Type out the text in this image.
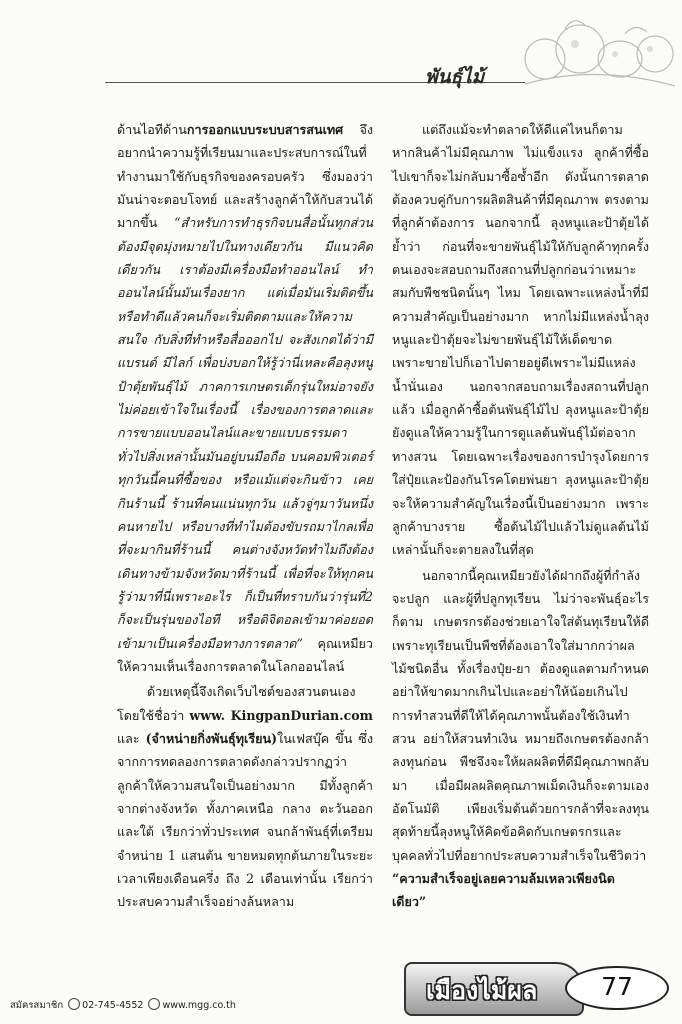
พันธุ์ไม้

ด้านไอทีด้านการออกแบบระบบสารสนเทศ จึงอยากนำความรู้ที่เรียนมาและประสบการณ์ในที่ทำงานมาใช้กับธุรกิจของครอบครัว ซึ่งมองว่ามันน่าจะตอบโจทย์ และสร้างลูกค้าให้กับสวนได้มากขึ้น “สำหรับการทำธุรกิจบนสื่อนั้นทุกส่วนต้องมีจุดมุ่งหมายไปในทางเดียวกัน มีแนวคิดเดียวกัน เราต้องมีเครื่องมือทำออนไลน์ ทำออนไลน์นั้นมันเรื่องยาก แต่เมื่อมันเริ่มติดขึ้นหรือทำดีแล้วคนก็จะเริ่มติดตามและให้ความสนใจ กับสิ่งที่ทำหรือสื่อออกไป จะสังเกตได้ว่ามีแบรนด์ มีไลก์ เพื่อบ่งบอกให้รู้ว่านี่เหละคือลุงหนูป้าตุ้ยพันธุ์ไม้ ภาคการเกษตรเด็กรุ่นใหม่อาจยังไม่ค่อยเข้าใจในเรื่องนี้ เรื่องของการตลาดและการขายแบบออนไลน์และขายแบบธรรมดาทั่วไปสิ่งเหล่านั้นมันอยู่บนมือถือ บนคอมพิวเตอร์ ทุกวันนี้คนที่ซื้อของ หรือแม้แต่จะกินข้าว เคยกินร้านนี้ ร้านที่คนแน่นทุกวัน แล้วจู่ๆมาวันหนึ่งคนหายไป หรือบางที่ทำไมต้องขับรถมาไกลเพื่อที่จะมากินที่ร้านนี้ คนต่างจังหวัดทำไมถึงต้องเดินทางข้ามจังหวัดมาที่ร้านนี้ เพื่อที่จะให้ทุกคนรู้ว่ามาที่นี่เพราะอะไร ก็เป็นที่ทราบกันว่ารุ่นที่2 ก็จะเป็นรุ่นของไอที หรือดิจิตอลเข้ามาค่อยอด เข้ามาเป็นเครื่องมือทางการตลาด” คุณเหมียวให้ความเห็นเรื่องการตลาดในโลกออนไลน์

ด้วยเหตุนี้จึงเกิดเว็บไซต์ของสวนตนเองโดยใช้ชื่อว่า www. KingpanDurian.com และ (จำหน่ายกิ่งพันธุ์ทุเรียน)ในเฟสบุ๊ค ขึ้น ซึ่งจากการทดลองการตลาดดังกล่าวปรากฏว่า ลูกค้าให้ความสนใจเป็นอย่างมาก มีทั้งลูกค้าจากต่างจังหวัด ทั้งภาคเหนือ กลาง ตะวันออกและใต้ เรียกว่าทั่วประเทศ จนกล้าพันธุ์ที่เตรียมจำหน่าย 1 แสนต้น ขายหมดทุกต้นภายในระยะเวลาเพียงเดือนครึ่ง ถึง 2 เดือนเท่านั้น เรียกว่าประสบความสำเร็จอย่างล้นหลาม

แต่ถึงแม้จะทำตลาดให้ดีแค่ไหนก็ตาม หากสินค้าไม่มีคุณภาพ ไม่แข็งแรง ลูกค้าที่ซื้อไปเขาก็จะไม่กลับมาซื้อซ้ำอีก ดังนั้นการตลาดต้องควบคู่กับการผลิตสินค้าที่มีคุณภาพ ตรงตามที่ลูกค้าต้องการ นอกจากนี้ ลุงหนูและป้าตุ้ยได้ย้ำว่า ก่อนที่จะขายพันธุ์ไม้ให้กับลูกค้าทุกครั้งตนเองจะสอบถามถึงสถานที่ปลูกก่อนว่าเหมาะสมกับพืชชนิดนั้นๆ ไหม โดยเฉพาะแหล่งน้ำที่มีความสำคัญเป็นอย่างมาก หากไม่มีแหล่งน้ำลุงหนูและป้าตุ้ยจะไม่ขายพันธุ์ไม้ให้เด็ดขาด เพราะขายไปก็เอาไปตายอยู่ดีเพราะไม่มีแหล่งน้ำนั่นเอง นอกจากสอบถามเรื่องสถานที่ปลูกแล้ว เมื่อลูกค้าซื้อต้นพันธุ์ไม้ไป ลุงหนูและป้าตุ้ยยังดูแลให้ความรู้ในการดูแลต้นพันธุ์ไม้ต่อจากทางสวน โดยเฉพาะเรื่องของการบำรุงโดยการใส่ปุ๋ยและป้องกันโรคโดยพ่นยา ลุงหนูและป้าตุ้ยจะให้ความสำคัญในเรื่องนี้เป็นอย่างมาก เพราะลูกค้าบางราย ซื้อต้นไม้ไปแล้วไม่ดูแลต้นไม้เหล่านั้นก็จะตายลงในที่สุด

นอกจากนี้คุณเหมียวยังได้ฝากถึงผู้ที่กำลังจะปลูก และผู้ที่ปลูกทุเรียน ไม่ว่าจะพันธุ์อะไรก็ตาม เกษตรกรต้องช่วยเอาใจใส่ต้นทุเรียนให้ดี เพราะทุเรียนเป็นพืชที่ต้องเอาใจใส่มากกว่าผลไม้ชนิดอื่น ทั้งเรื่องปุ๋ย-ยา ต้องดูแลตามกำหนด อย่าให้ขาดมากเกินไปและอย่าให้น้อยเกินไป การทำสวนที่ดีให้ได้คุณภาพนั้นต้องใช้เงินทำสวน อย่าให้สวนทำเงิน หมายถึงเกษตรต้องกล้าลงทุนก่อน พืชจึงจะให้ผลผลิตที่ดีมีคุณภาพกลับมา เมื่อมีผลผลิตคุณภาพเม็ดเงินก็จะตามเองอัตโนมัติ เพียงเริ่มต้นด้วยการกล้าที่จะลงทุน สุดท้ายนี้ลุงหนูให้คิดข้อคิดกับเกษตรกรและบุคคลทั่วไปที่อยากประสบความสำเร็จในชีวิตว่า “ความสำเร็จอยู่เลยความล้มเหลวเพียงนิดเดียว”

สมัครสมาชิก 02-745-4552 www.mgg.co.th
เมืองไม้ผล	77
